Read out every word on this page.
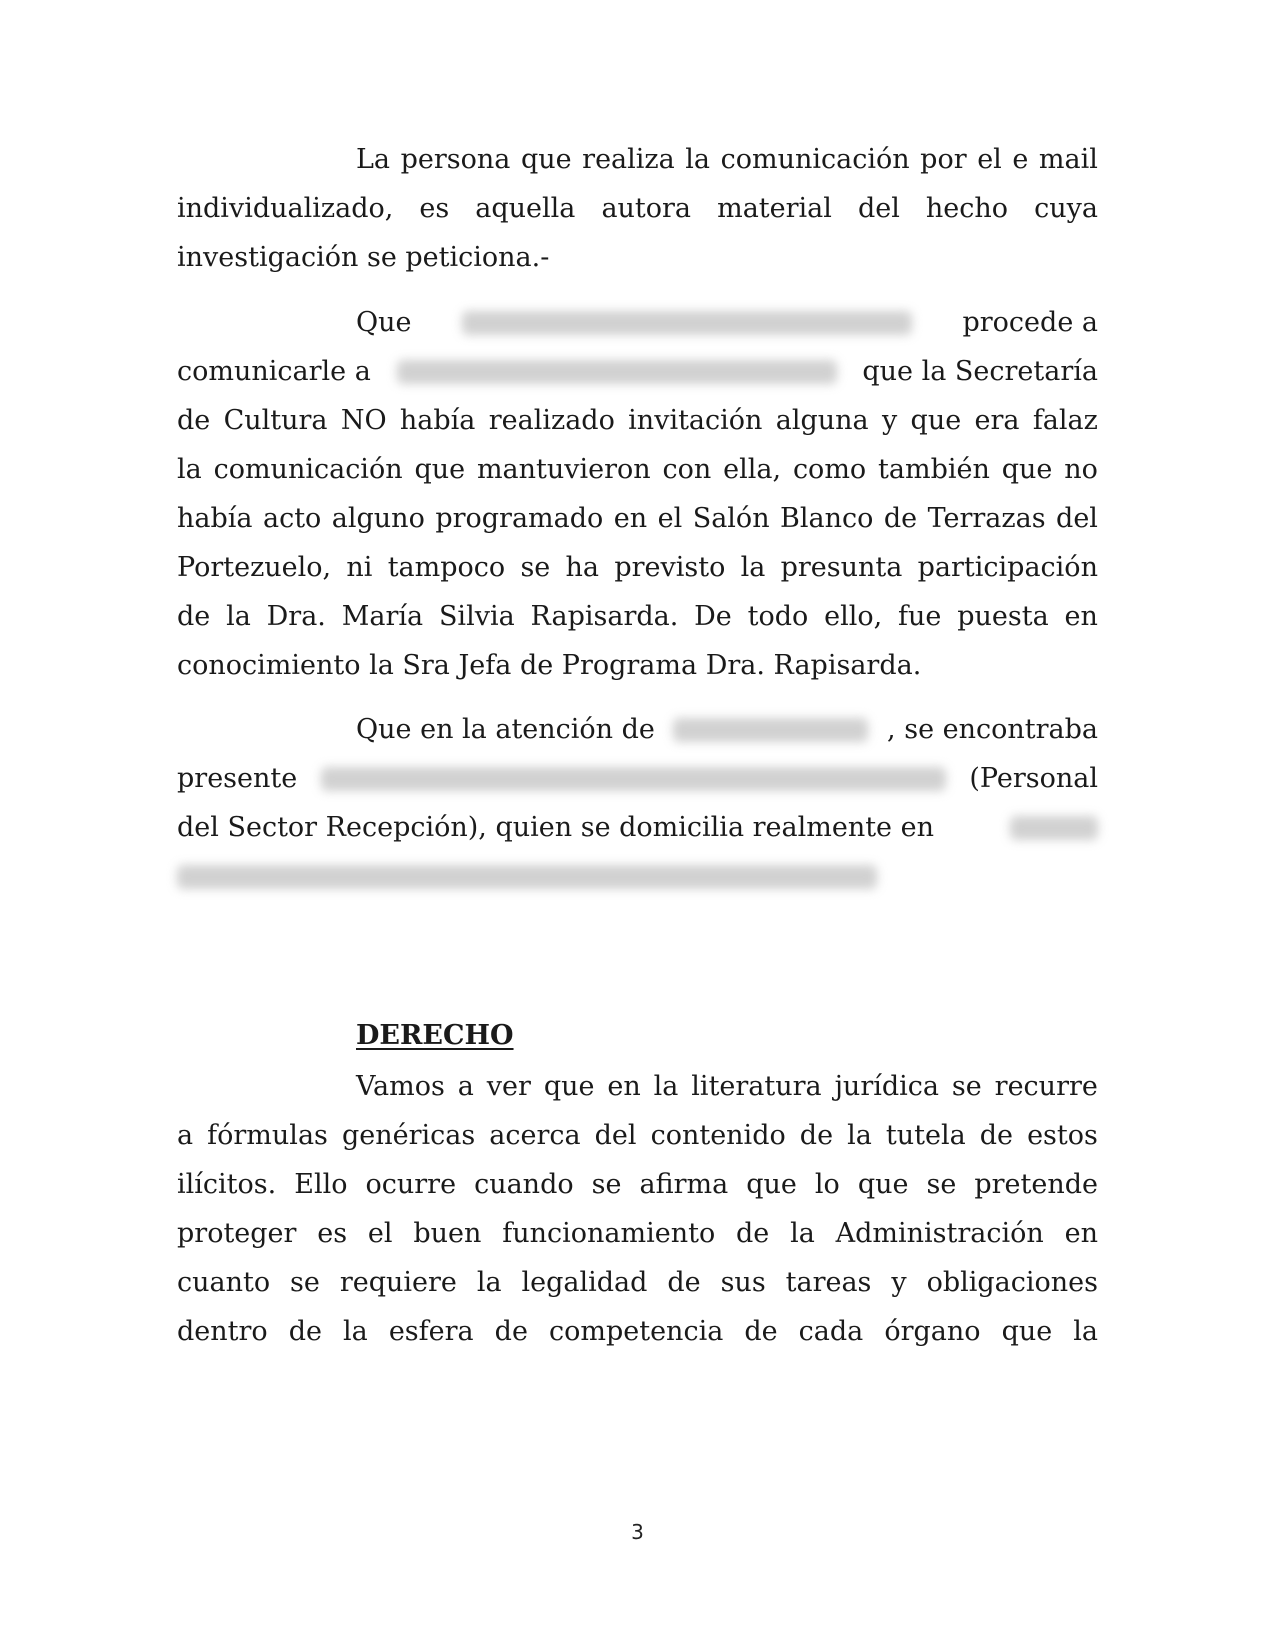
La persona que realiza la comunicación por el e mail
individualizado, es aquella autora material del hecho cuya
investigación se peticiona.-
Que	procede a
comunicarle a	que la Secretaría
de Cultura NO había realizado invitación alguna y que era falaz
la comunicación que mantuvieron con ella, como también que no
había acto alguno programado en el Salón Blanco de Terrazas del
Portezuelo, ni tampoco se ha previsto la presunta participación
de la Dra. María Silvia Rapisarda. De todo ello, fue puesta en
conocimiento la Sra Jefa de Programa Dra. Rapisarda.
Que en la atención de	, se encontraba
presente	(Personal
del Sector Recepción), quien se domicilia realmente en
DERECHO
Vamos a ver que en la literatura jurídica se recurre
a fórmulas genéricas acerca del contenido de la tutela de estos
ilícitos. Ello ocurre cuando se afirma que lo que se pretende
proteger es el buen funcionamiento de la Administración en
cuanto se requiere la legalidad de sus tareas y obligaciones
dentro de la esfera de competencia de cada órgano que la
3
